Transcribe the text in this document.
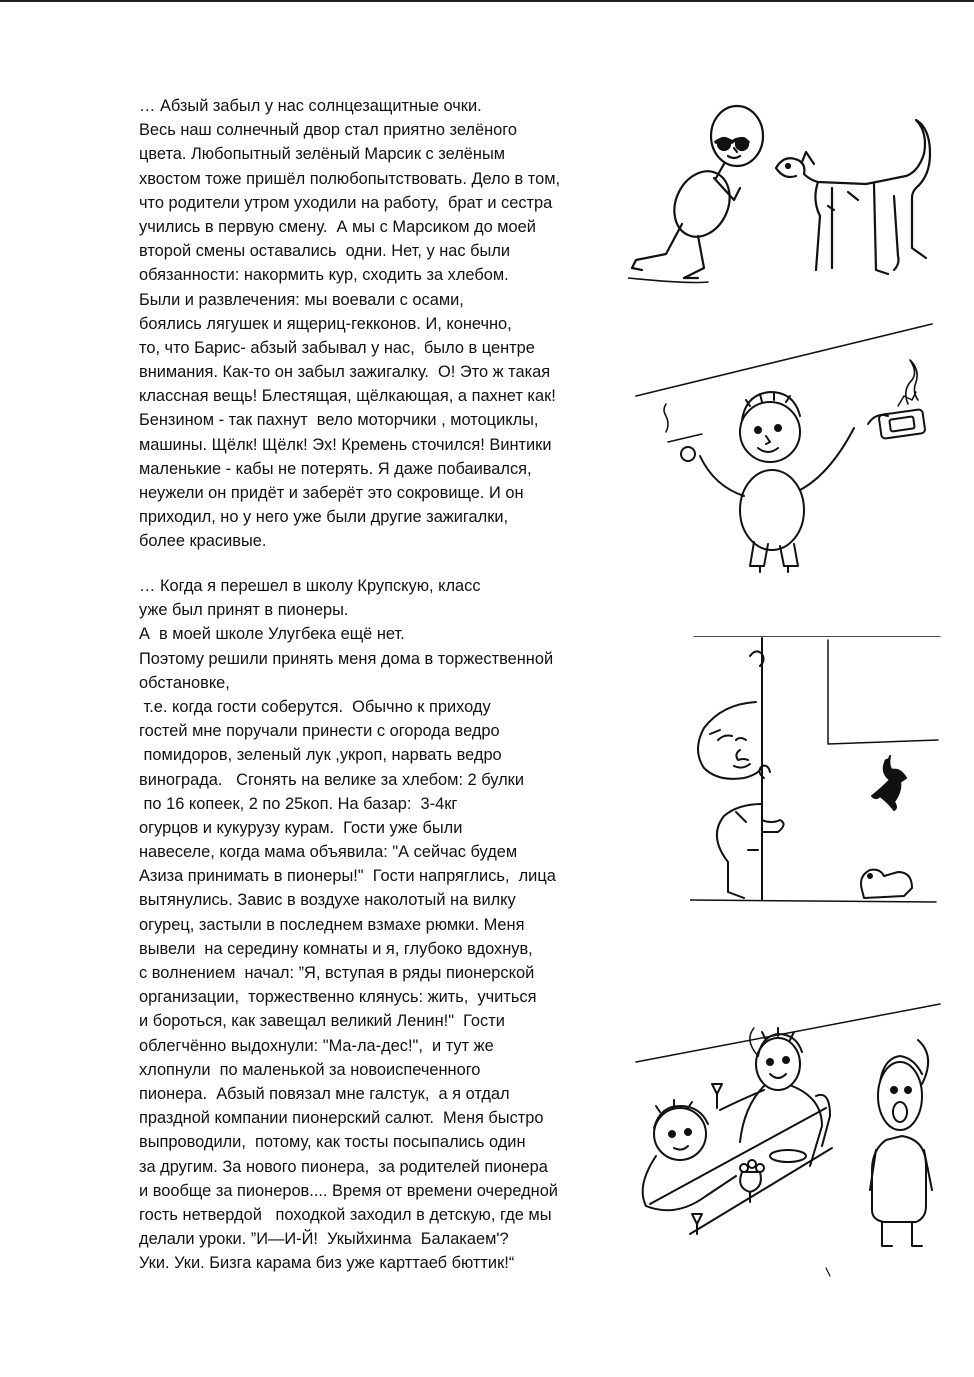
… Абзый забыл у нас солнцезащитные очки.
Весь наш солнечный двор стал приятно зелёного
цвета. Любопытный зелёный Марсик с зелёным
хвостом тоже пришёл полюбопытствовать. Дело в том,
что родители утром уходили на работу,  брат и сестра
учились в первую смену.  А мы с Марсиком до моей
второй смены оставались  одни. Нет, у нас были
обязанности: накормить кур, сходить за хлебом.
Были и развлечения: мы воевали с осами,
боялись лягушек и ящериц-гекконов. И, конечно,
то, что Барис- абзый забывал у нас,  было в центре
внимания. Как-то он забыл зажигалку.  О! Это ж такая
классная вещь! Блестящая, щёлкающая, а пахнет как!
Бензином - так пахнут  вело моторчики , мотоциклы,
машины. Щёлк! Щёлк! Эх! Кремень сточился! Винтики
маленькие - кабы не потерять. Я даже побаивался,
неужели он придёт и заберёт это сокровище. И он
приходил, но у него уже были другие зажигалки,
более красивые.
… Когда я перешел в школу Крупскую, класс
уже был принят в пионеры.
А  в моей школе Улугбека ещё нет.
Поэтому решили принять меня дома в торжественной
обстановке,
т.е. когда гости соберутся.  Обычно к приходу
гостей мне поручали принести с огорода ведро
помидоров, зеленый лук ,укроп, нарвать ведро
винограда.   Сгонять на велике за хлебом: 2 булки
по 16 копеек, 2 по 25коп. На базар:  3-4кг
огурцов и кукурузу курам.  Гости уже были
навеселе, когда мама объявила: "А сейчас будем
Азиза принимать в пионеры!"  Гости напряглись,  лица
вытянулись. Завис в воздухе наколотый на вилку
огурец, застыли в последнем взмахе рюмки. Меня
вывели  на середину комнаты и я, глубоко вдохнув,
с волнением  начал: ”Я, вступая в ряды пионерской
организации,  торжественно клянусь: жить,  учиться
и бороться, как завещал великий Ленин!"  Гости
облегчённо выдохнули: "Ма-ла-дес!",  и тут же
хлопнули  по маленькой за новоиспеченного
пионера.  Абзый повязал мне галстук,  а я отдал
праздной компании пионерский салют.  Меня быстро
выпроводили,  потому, как тосты посыпались один
за другим. За нового пионера,  за родителей пионера
и вообще за пионеров.... Время от времени очередной
гость нетвердой   походкой заходил в детскую, где мы
делали уроки. ”И—И-Й!  Укыйхинма  Балакаем'?
Уки. Уки. Бизга карама биз уже карттаеб бюттик!“
